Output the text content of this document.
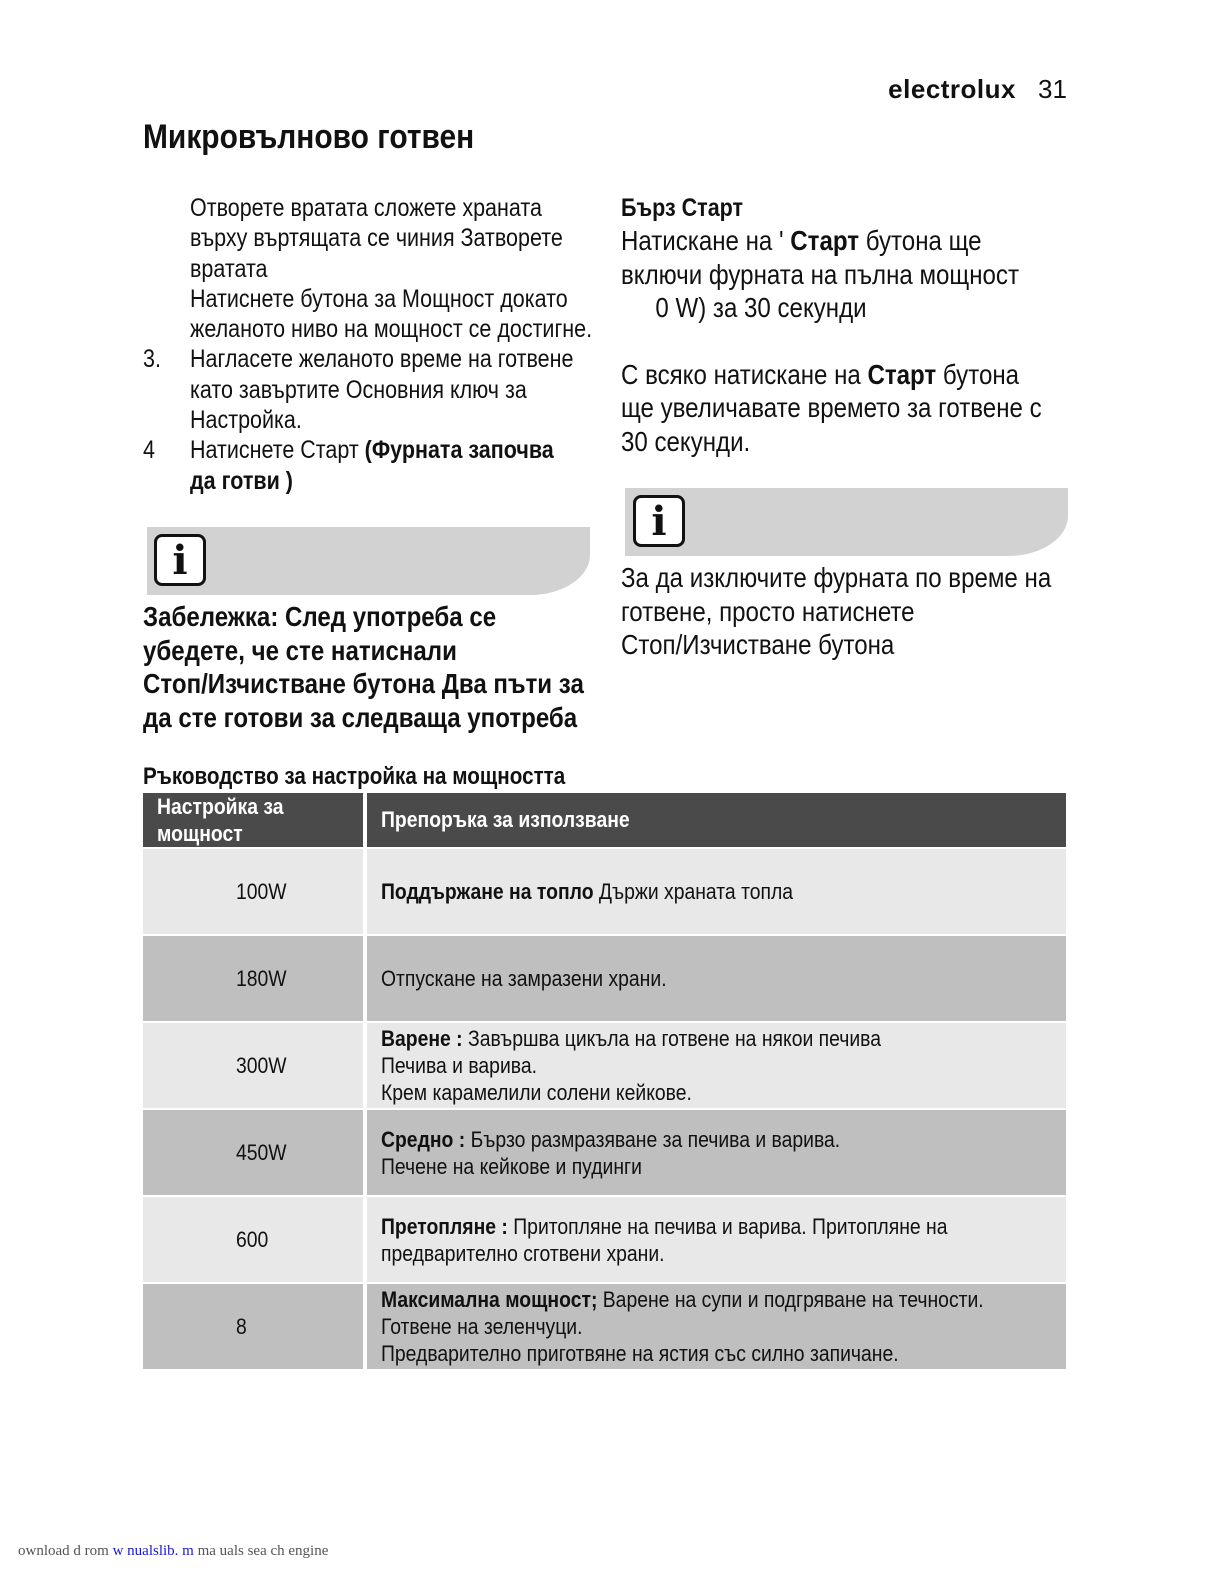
electrolux 31
Микровълново готвен
Отворете вратата сложете храната
върху въртящата се чиния Затворете
вратата
Натиснете бутона за Мощност докато
желаното ниво на мощност се достигне.
Нагласете желаното време на готвене
като завъртите Основния ключ за
Настройка.
Натиснете Старт (Фурната започва
да готви )
3.
4
Бърз Старт
Натискане на ' Старт бутона ще
включи фурната на пълна мощност
0 W) за 30 секунди
С всяко натискане на Старт бутона
ще увеличавате времето за готвене с
30 секунди.
i
Забележка: След употреба се
убедете, че сте натиснали
Стоп/Изчистване бутона Два пъти за
да сте готови за следваща употреба
i
За да изключите фурната по време на
готвене, просто натиснете
Стоп/Изчистване бутона
Ръководство за настройка на мощността
Настройка за мощност	Препоръка за използване
100W	Поддържане на топло Държи храната топла

180W	Отпускане на замразени храни.

300W	Варене : Завършва цикъла на готвене на някои печива
Печива и варива.
Крем карамелили солени кейкове.

450W	Средно : Бързо размразяване за печива и варива.
Печене на кейкове и пудинги

600	Претопляне : Притопляне на печива и варива. Притопляне на
предварително сготвени храни.

8	Максимална мощност; Варене на супи и подгряване на течности.
Готвене на зеленчуци.
Предварително приготвяне на ястия със силно запичане.
ownload d rom w nualslib. m ma uals sea ch engine
